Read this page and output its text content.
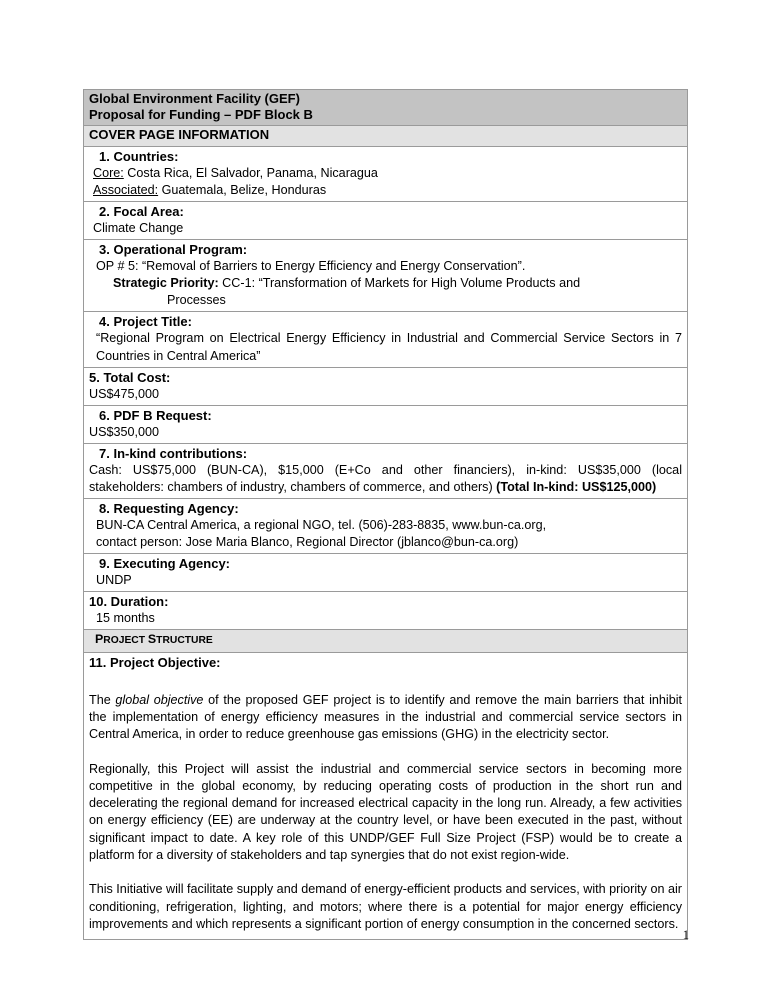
Global Environment Facility (GEF)
Proposal for Funding – PDF Block B

COVER PAGE INFORMATION

1. Countries:
Core: Costa Rica, El Salvador, Panama, Nicaragua
Associated: Guatemala, Belize, Honduras

2. Focal Area:
Climate Change

3. Operational Program:
OP # 5: “Removal of Barriers to Energy Efficiency and Energy Conservation”.
Strategic Priority: CC-1: “Transformation of Markets for High Volume Products and
Processes

4. Project Title:
“Regional Program on Electrical Energy Efficiency in Industrial and Commercial Service Sectors in 7 Countries in Central America”

5. Total Cost:
US$475,000

6. PDF B Request:
US$350,000

7. In-kind contributions:
Cash: US$75,000 (BUN-CA), $15,000 (E+Co and other financiers), in-kind: US$35,000 (local stakeholders: chambers of industry, chambers of commerce, and others) (Total In-kind: US$125,000)

8. Requesting Agency:
BUN-CA Central America, a regional NGO, tel. (506)-283-8835, www.bun-ca.org,
contact person: Jose Maria Blanco, Regional Director (jblanco@bun-ca.org)

9. Executing Agency:
UNDP

10. Duration:
15 months

PROJECT STRUCTURE

11. Project Objective:

The global objective of the proposed GEF project is to identify and remove the main barriers that inhibit the implementation of energy efficiency measures in the industrial and commercial service sectors in Central America, in order to reduce greenhouse gas emissions (GHG) in the electricity sector.

Regionally, this Project will assist the industrial and commercial service sectors in becoming more competitive in the global economy, by reducing operating costs of production in the short run and decelerating the regional demand for increased electrical capacity in the long run. Already, a few activities on energy efficiency (EE) are underway at the country level, or have been executed in the past, without significant impact to date. A key role of this UNDP/GEF Full Size Project (FSP) would be to create a platform for a diversity of stakeholders and tap synergies that do not exist region-wide.

This Initiative will facilitate supply and demand of energy-efficient products and services, with priority on air conditioning, refrigeration, lighting, and motors; where there is a potential for major energy efficiency improvements and which represents a significant portion of energy consumption in the concerned sectors.

1
